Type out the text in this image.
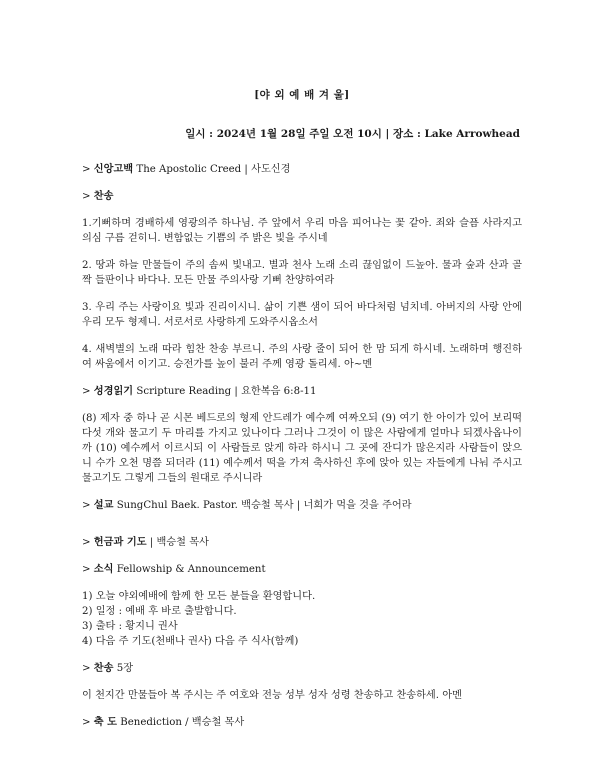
[야 외 예 배 겨 울]
일시 : 2024년 1월 28일 주일 오전 10시 | 장소 : Lake Arrowhead
> 신앙고백 The Apostolic Creed | 사도신경
> 찬송

1.기뻐하며 경배하세 영광의주 하나님. 주 앞에서 우리 마음 피어나는 꽃 같아. 죄와 슬픔 사라지고 의심 구름 걷히니. 변함없는 기쁨의 주 밝은 빛을 주시네

2. 땅과 하늘 만물들이 주의 솜씨 빛내고. 별과 천사 노래 소리 끊임없이 드높아. 물과 숲과 산과 골짝 들판이나 바다나. 모든 만물 주의사랑 기뻐 찬양하여라

3. 우리 주는 사랑이요 빛과 진리이시니. 삶이 기쁜 샘이 되어 바다처럼 넘치네. 아버지의 사랑 안에 우리 모두 형제니. 서로서로 사랑하게 도와주시옵소서

4. 새벽별의 노래 따라 힘찬 찬송 부르니. 주의 사랑 줄이 되어 한 맘 되게 하시네. 노래하며 행진하여 싸움에서 이기고. 승전가를 높이 불러 주께 영광 돌리세. 아~멘

> 성경읽기 Scripture Reading | 요한복음 6:8-11

(8) 제자 중 하나 곧 시몬 베드로의 형제 안드레가 예수께 여짜오되 (9) 여기 한 아이가 있어 보리떡 다섯 개와 물고기 두 마리를 가지고 있나이다 그러나 그것이 이 많은 사람에게 얼마나 되겠사옵나이까 (10) 예수께서 이르시되 이 사람들로 앉게 하라 하시니 그 곳에 잔디가 많은지라 사람들이 앉으니 수가 오천 명쯤 되더라 (11) 예수께서 떡을 가져 축사하신 후에 앉아 있는 자들에게 나눠 주시고 물고기도 그렇게 그들의 원대로 주시니라

> 설교 SungChul Baek. Pastor. 백승철 목사 | 너희가 먹을 것을 주어라
> 헌금과 기도 | 백승철 목사
> 소식 Fellowship & Announcement
1) 오늘 야외예배에 함께 한 모든 분들을 환영합니다.
2) 일정 : 예배 후 바로 출발합니다.
3) 출타 : 황지니 권사
4) 다음 주 기도(천배나 권사) 다음 주 식사(함께)
> 찬송 5장

이 천지간 만물들아 복 주시는 주 여호와 전능 성부 성자 성령 찬송하고 찬송하세. 아멘

> 축 도 Benediction / 백승철 목사
